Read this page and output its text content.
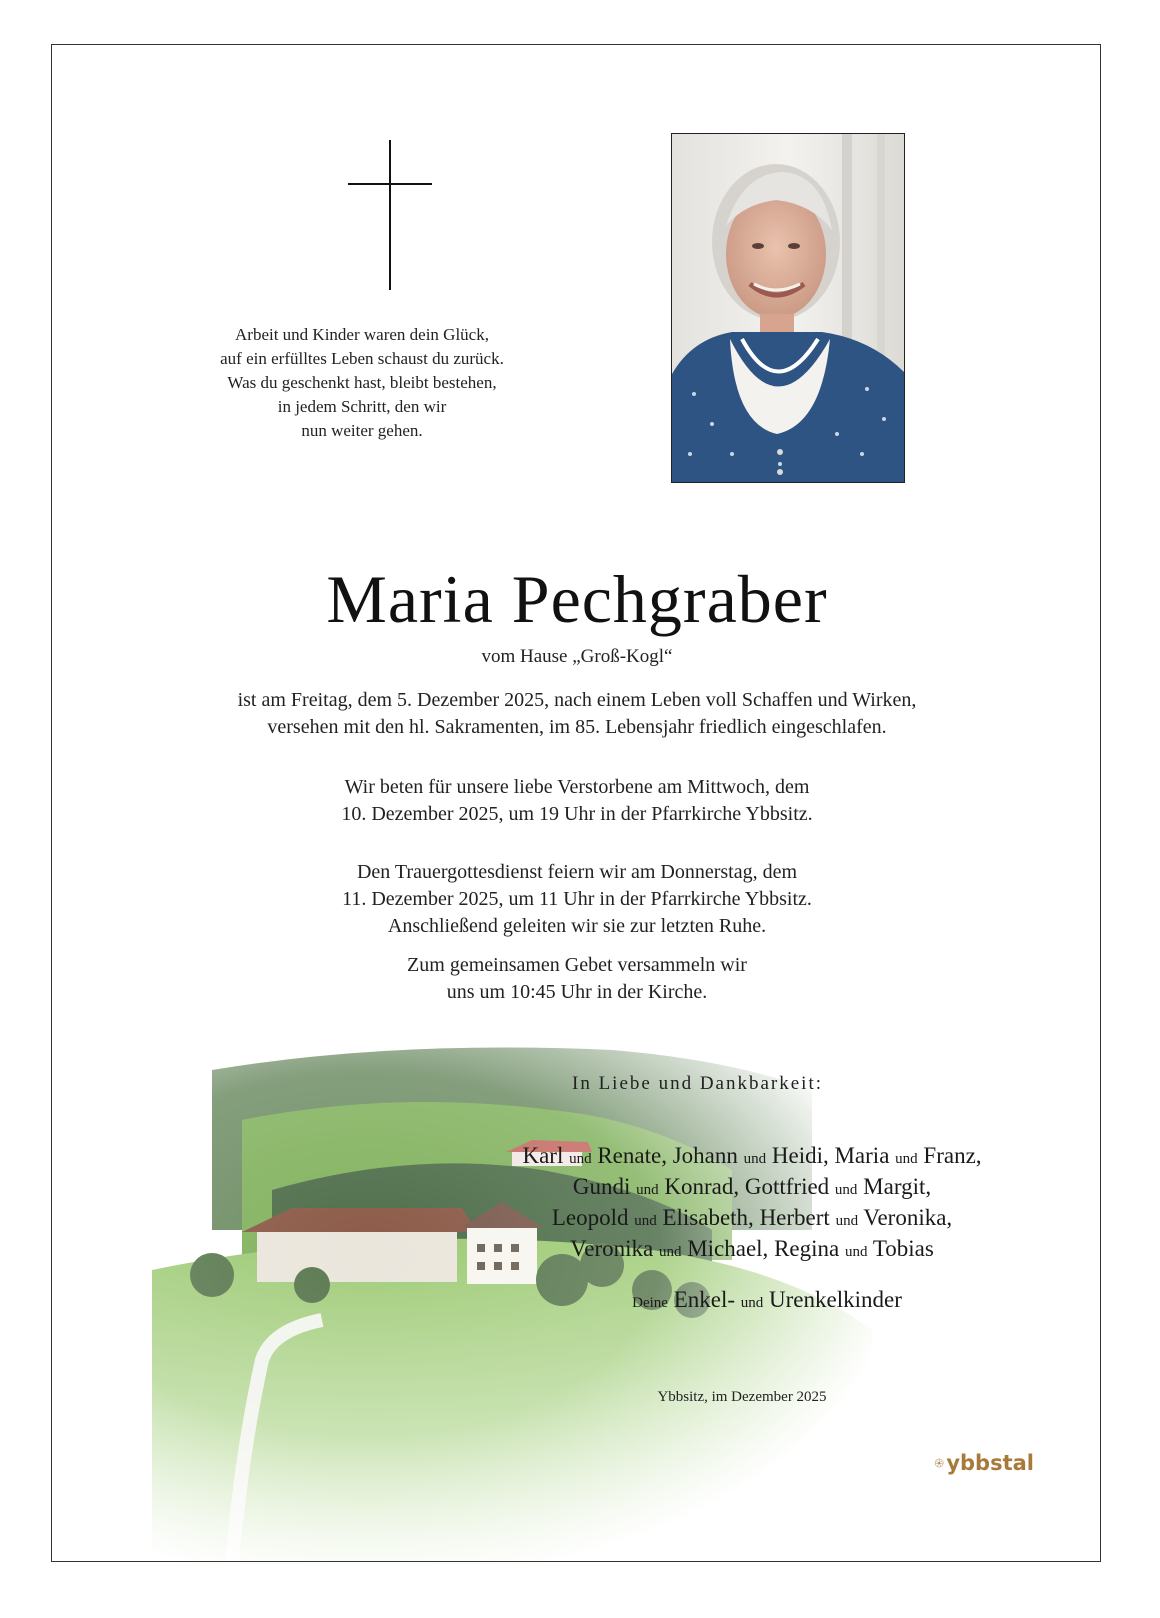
Arbeit und Kinder waren dein Glück,
auf ein erfülltes Leben schaust du zurück.
Was du geschenkt hast, bleibt bestehen,
in jedem Schritt, den wir
nun weiter gehen.
Maria Pechgraber
vom Hause „Groß-Kogl“
ist am Freitag, dem 5. Dezember 2025, nach einem Leben voll Schaffen und Wirken,
versehen mit den hl. Sakramenten, im 85. Lebensjahr friedlich eingeschlafen.
Wir beten für unsere liebe Verstorbene am Mittwoch, dem
10. Dezember 2025, um 19 Uhr in der Pfarrkirche Ybbsitz.
Den Trauergottesdienst feiern wir am Donnerstag, dem
11. Dezember 2025, um 11 Uhr in der Pfarrkirche Ybbsitz.
Anschließend geleiten wir sie zur letzten Ruhe.
Zum gemeinsamen Gebet versammeln wir
uns um 10:45 Uhr in der Kirche.
In Liebe und Dankbarkeit:
Karl und Renate, Johann und Heidi, Maria und Franz,
Gundi und Konrad, Gottfried und Margit,
Leopold und Elisabeth, Herbert und Veronika,
Veronika und Michael, Regina und Tobias
Deine Enkel- und Urenkelkinder
Ybbsitz, im Dezember 2025
ybbstal
